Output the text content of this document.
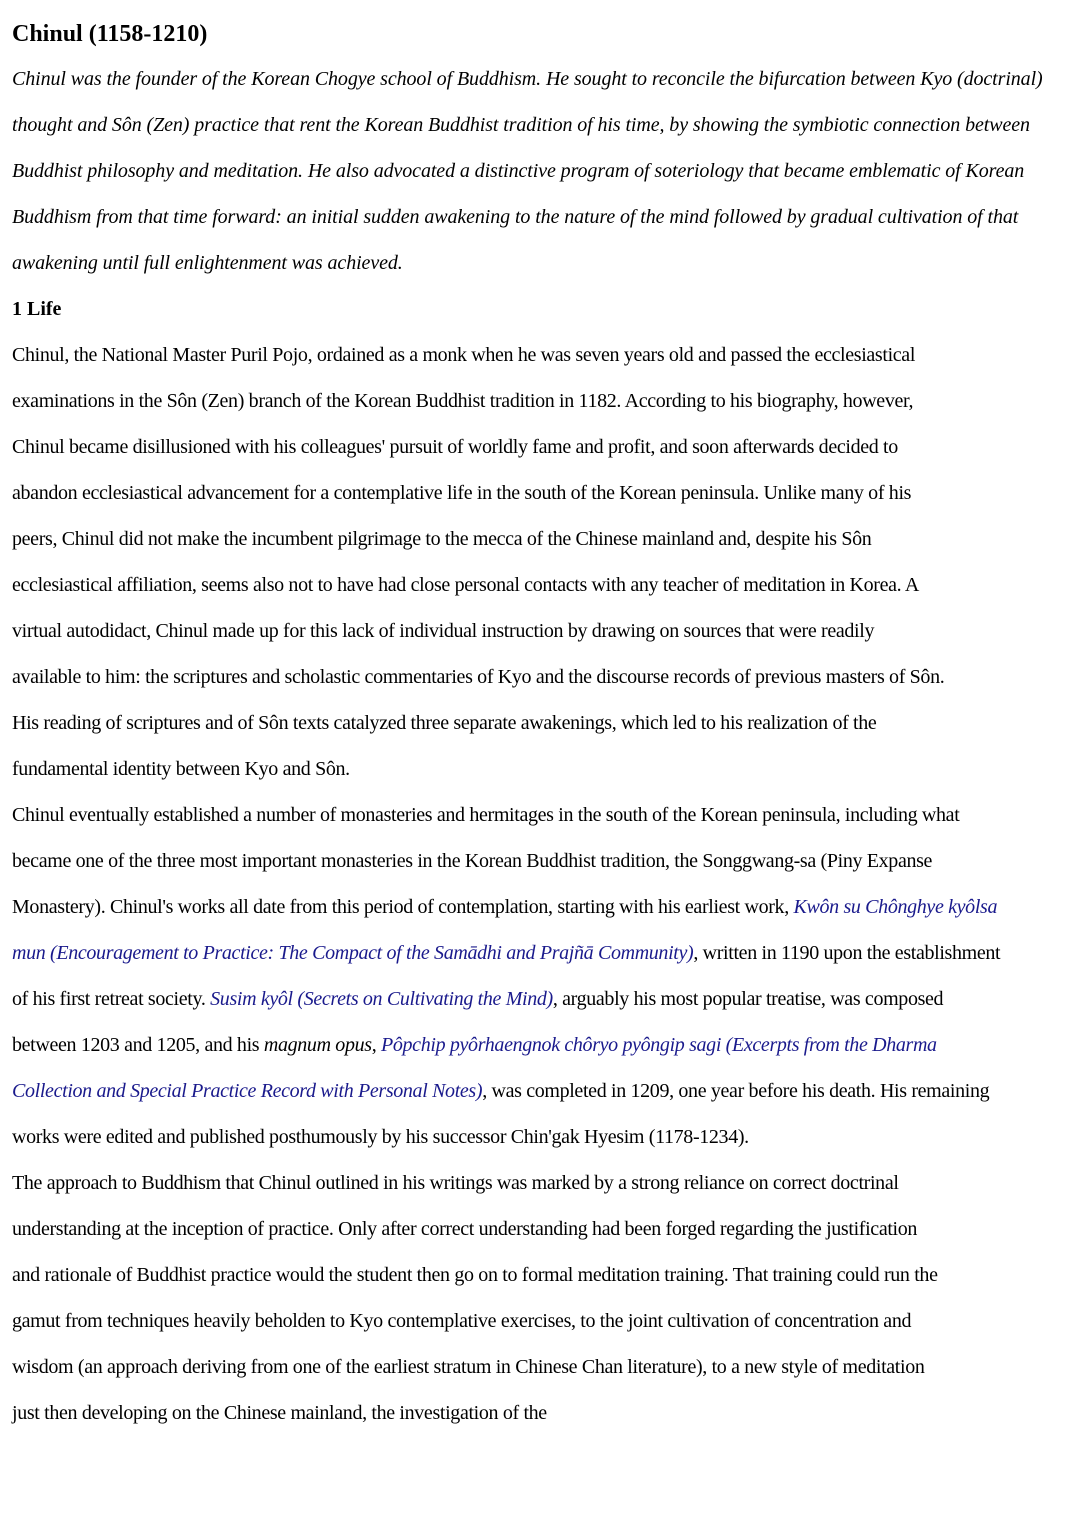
Chinul (1158-1210)

Chinul was the founder of the Korean Chogye school of Buddhism. He sought to reconcile the bifurcation between Kyo (doctrinal) thought and Sôn (Zen) practice that rent the Korean Buddhist tradition of his time, by showing the symbiotic connection between Buddhist philosophy and meditation. He also advocated a distinctive program of soteriology that became emblematic of Korean Buddhism from that time forward: an initial sudden awakening to the nature of the mind followed by gradual cultivation of that awakening until full enlightenment was achieved.

1 Life

Chinul, the National Master Puril Pojo, ordained as a monk when he was seven years old and passed the ecclesiastical examinations in the Sôn (Zen) branch of the Korean Buddhist tradition in 1182. According to his biography, however, Chinul became disillusioned with his colleagues' pursuit of worldly fame and profit, and soon afterwards decided to abandon ecclesiastical advancement for a contemplative life in the south of the Korean peninsula. Unlike many of his peers, Chinul did not make the incumbent pilgrimage to the mecca of the Chinese mainland and, despite his Sôn ecclesiastical affiliation, seems also not to have had close personal contacts with any teacher of meditation in Korea. A virtual autodidact, Chinul made up for this lack of individual instruction by drawing on sources that were readily available to him: the scriptures and scholastic commentaries of Kyo and the discourse records of previous masters of Sôn. His reading of scriptures and of Sôn texts catalyzed three separate awakenings, which led to his realization of the fundamental identity between Kyo and Sôn.

Chinul eventually established a number of monasteries and hermitages in the south of the Korean peninsula, including what became one of the three most important monasteries in the Korean Buddhist tradition, the Songgwang-sa (Piny Expanse Monastery). Chinul's works all date from this period of contemplation, starting with his earliest work, Kwôn su Chônghye kyôlsa mun (Encouragement to Practice: The Compact of the Samādhi and Prajñā Community), written in 1190 upon the establishment of his first retreat society. Susim kyôl (Secrets on Cultivating the Mind), arguably his most popular treatise, was composed between 1203 and 1205, and his magnum opus, Pôpchip pyôrhaengnok chôryo pyôngip sagi (Excerpts from the Dharma Collection and Special Practice Record with Personal Notes), was completed in 1209, one year before his death. His remaining works were edited and published posthumously by his successor Chin'gak Hyesim (1178-1234).

The approach to Buddhism that Chinul outlined in his writings was marked by a strong reliance on correct doctrinal understanding at the inception of practice. Only after correct understanding had been forged regarding the justification and rationale of Buddhist practice would the student then go on to formal meditation training. That training could run the gamut from techniques heavily beholden to Kyo contemplative exercises, to the joint cultivation of concentration and wisdom (an approach deriving from one of the earliest stratum in Chinese Chan literature), to a new style of meditation just then developing on the Chinese mainland, the investigation of the
